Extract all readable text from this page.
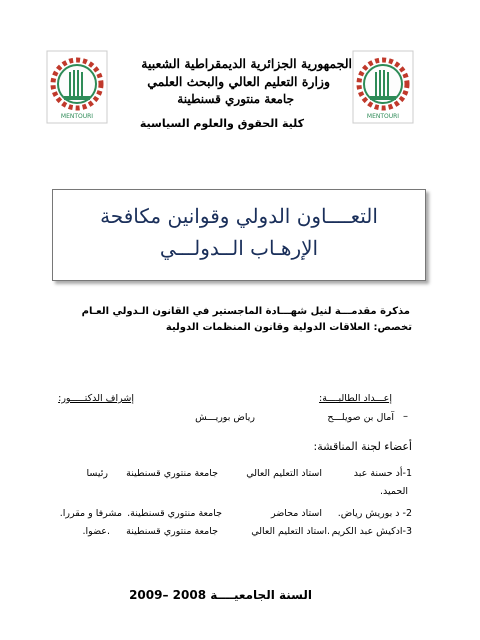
MENTOURI	MENTOURI
الجمهورية الجزائرية الديمقراطية الشعبية
وزارة التعليم العالي والبحث العلمي
جامعة منتوري قسنطينة
كلية الحقوق والعلوم السياسية
التعــــاون الدولي وقوانين مكافحة
الإرهـاب الــدولـــي
مذكرة مقدمـــة لنيل شهـــادة الماجستير في القانون الـدولي العـام
تخصص: العلاقات الدولية وقانون المنظمات الدولية
إعـــداد الطالبــــة:
إشراف الدكتـــــور:
آمال بن صويلـــح –
رياض بوريـــش
أعضاء لجنة المناقشة:
1-أد حسنة عبد
الحميد.
استاد التعليم العالي
جامعة منتوري قسنطينة
رئيسا
2- د بوريش رياض.
استاد محاضر
جامعة منتوري قسنطينة.
مشرفا و مقررا.
3-ادكيش عبد الكريم
.استاد التعليم العالي
جامعة منتوري قسنطينة
.عضوا.
السنة الجامعيــــة 2008 –2009
